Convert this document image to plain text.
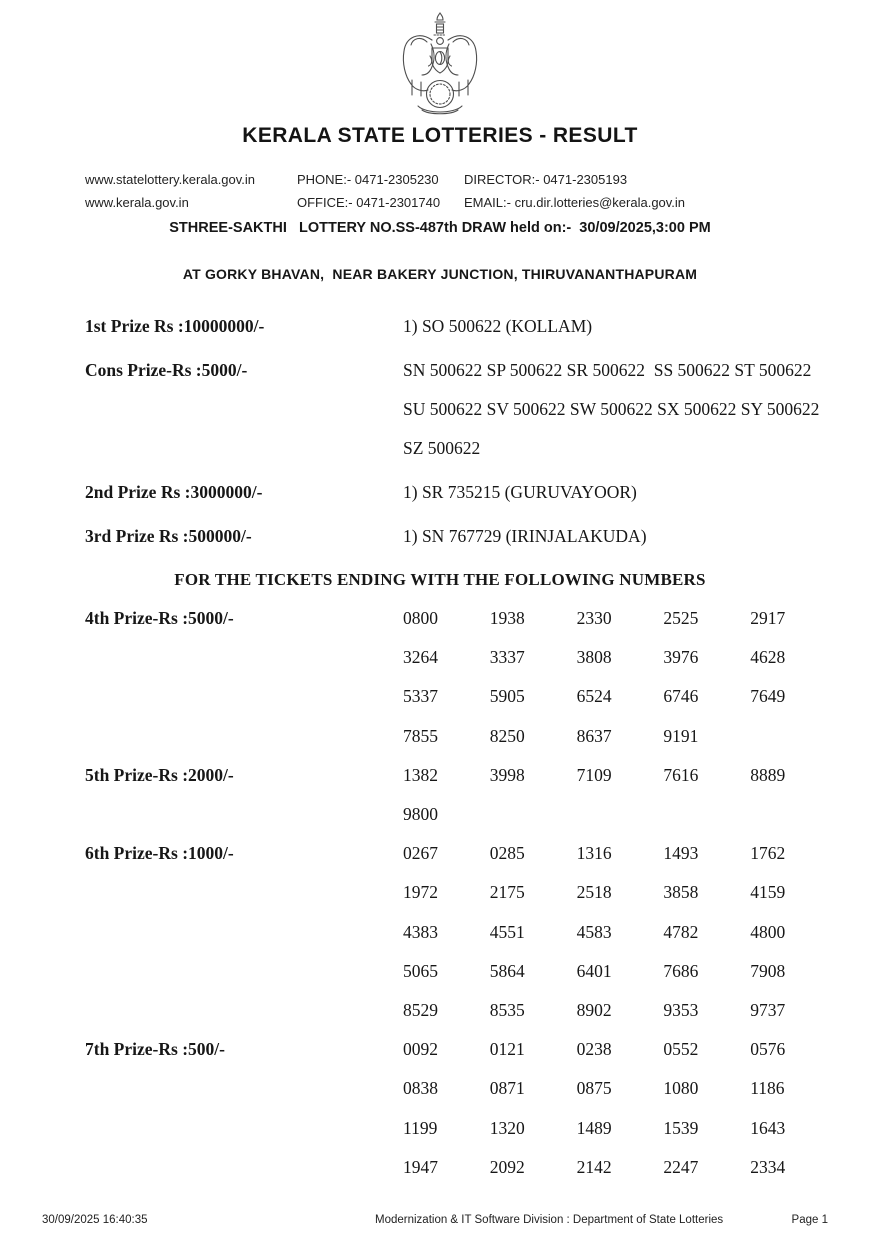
KERALA STATE LOTTERIES - RESULT
www.statelottery.kerala.gov.in	PHONE:- 0471-2305230	DIRECTOR:- 0471-2305193
www.kerala.gov.in	OFFICE:- 0471-2301740	EMAIL:- cru.dir.lotteries@kerala.gov.in
STHREE-SAKTHI   LOTTERY NO.SS-487th DRAW held on:-  30/09/2025,3:00 PM
AT GORKY BHAVAN,  NEAR BAKERY JUNCTION, THIRUVANANTHAPURAM
1st Prize Rs :10000000/-	1) SO 500622 (KOLLAM)
Cons Prize-Rs :5000/-	SN 500622 SP 500622 SR 500622  SS 500622 ST 500622
SU 500622 SV 500622 SW 500622 SX 500622 SY 500622
SZ 500622
2nd Prize Rs :3000000/-	1) SR 735215 (GURUVAYOOR)
3rd Prize Rs :500000/-	1) SN 767729 (IRINJALAKUDA)
FOR THE TICKETS ENDING WITH THE FOLLOWING NUMBERS
4th Prize-Rs :5000/-	0800	1938	2330	2525	2917
3264	3337	3808	3976	4628
5337	5905	6524	6746	7649
7855	8250	8637	9191
5th Prize-Rs :2000/-	1382	3998	7109	7616	8889
9800
6th Prize-Rs :1000/-	0267	0285	1316	1493	1762
1972	2175	2518	3858	4159
4383	4551	4583	4782	4800
5065	5864	6401	7686	7908
8529	8535	8902	9353	9737
7th Prize-Rs :500/-	0092	0121	0238	0552	0576
0838	0871	0875	1080	1186
1199	1320	1489	1539	1643
1947	2092	2142	2247	2334
30/09/2025 16:40:35	Modernization & IT Software Division : Department of State Lotteries	Page 1
